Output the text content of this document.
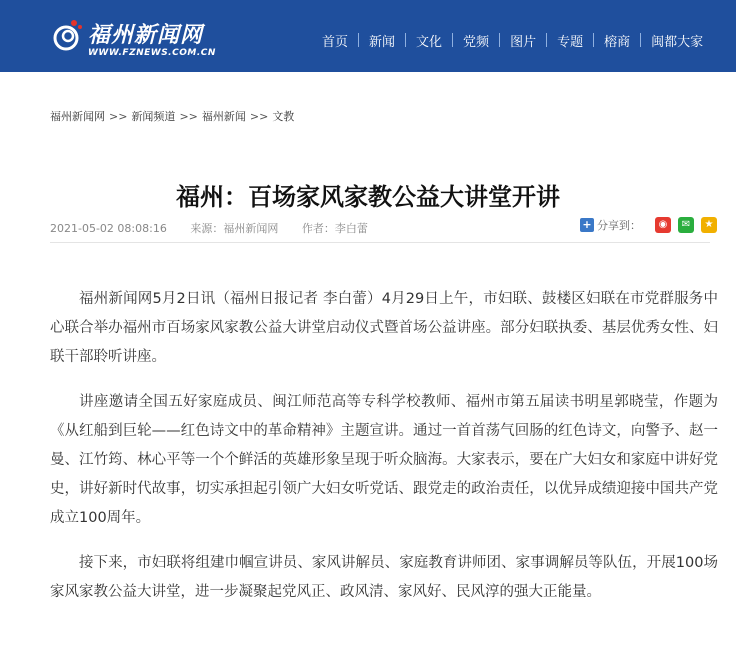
福州新闻网
WWW.FZNEWS.COM.CN
首页	新闻	文化	党频	图片	专题	榕商	闽都大家
福州新闻网 >> 新闻频道 >> 福州新闻 >> 文教
福州：百场家风家教公益大讲堂开讲
2021-05-02 08:08:16 来源：福州新闻网 作者：李白蕾	+ 分享到：	◉	✉	★

福州新闻网5月2日讯（福州日报记者 李白蕾）4月29日上午，市妇联、鼓楼区妇联在市党群服务中心联合举办福州市百场家风家教公益大讲堂启动仪式暨首场公益讲座。部分妇联执委、基层优秀女性、妇联干部聆听讲座。

讲座邀请全国五好家庭成员、闽江师范高等专科学校教师、福州市第五届读书明星郭晓莹，作题为《从红船到巨轮——红色诗文中的革命精神》主题宣讲。通过一首首荡气回肠的红色诗文，向警予、赵一曼、江竹筠、林心平等一个个鲜活的英雄形象呈现于听众脑海。大家表示，要在广大妇女和家庭中讲好党史，讲好新时代故事，切实承担起引领广大妇女听党话、跟党走的政治责任，以优异成绩迎接中国共产党成立100周年。

接下来，市妇联将组建巾帼宣讲员、家风讲解员、家庭教育讲师团、家事调解员等队伍，开展100场家风家教公益大讲堂，进一步凝聚起党风正、政风清、家风好、民风淳的强大正能量。
